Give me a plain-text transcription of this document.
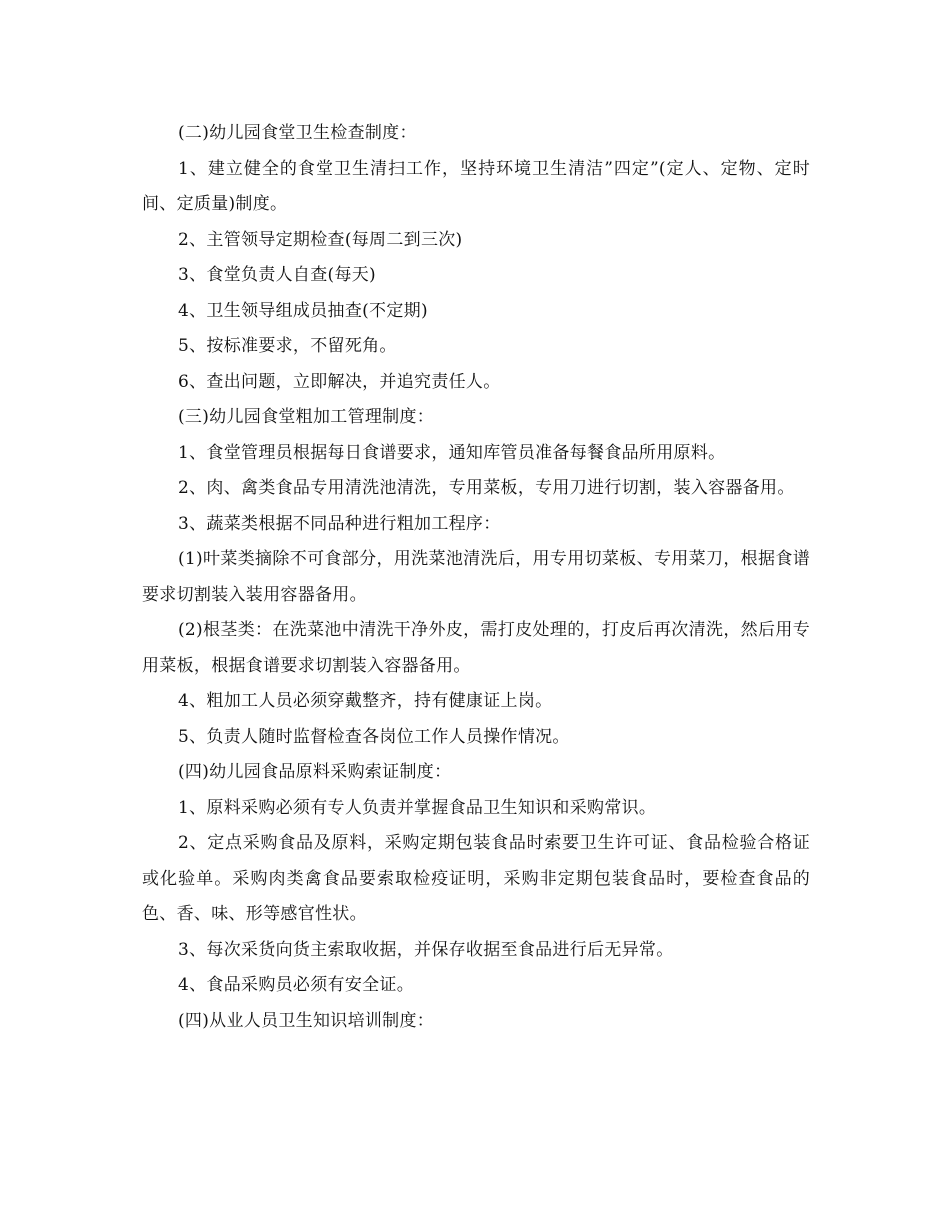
(二)幼儿园食堂卫生检查制度：

1、建立健全的食堂卫生清扫工作，坚持环境卫生清洁”四定”(定人、定物、定时间、定质量)制度。

2、主管领导定期检查(每周二到三次)

3、食堂负责人自查(每天)

4、卫生领导组成员抽查(不定期)

5、按标准要求，不留死角。

6、查出问题，立即解决，并追究责任人。

(三)幼儿园食堂粗加工管理制度：

1、食堂管理员根据每日食谱要求，通知库管员准备每餐食品所用原料。

2、肉、禽类食品专用清洗池清洗，专用菜板，专用刀进行切割，装入容器备用。

3、蔬菜类根据不同品种进行粗加工程序：

(1)叶菜类摘除不可食部分，用洗菜池清洗后，用专用切菜板、专用菜刀，根据食谱要求切割装入装用容器备用。

(2)根茎类：在洗菜池中清洗干净外皮，需打皮处理的，打皮后再次清洗，然后用专用菜板，根据食谱要求切割装入容器备用。

4、粗加工人员必须穿戴整齐，持有健康证上岗。

5、负责人随时监督检查各岗位工作人员操作情况。

(四)幼儿园食品原料采购索证制度：

1、原料采购必须有专人负责并掌握食品卫生知识和采购常识。

2、定点采购食品及原料，采购定期包装食品时索要卫生许可证、食品检验合格证或化验单。采购肉类禽食品要索取检疫证明，采购非定期包装食品时，要检查食品的色、香、味、形等感官性状。

3、每次采货向货主索取收据，并保存收据至食品进行后无异常。

4、食品采购员必须有安全证。

(四)从业人员卫生知识培训制度：
